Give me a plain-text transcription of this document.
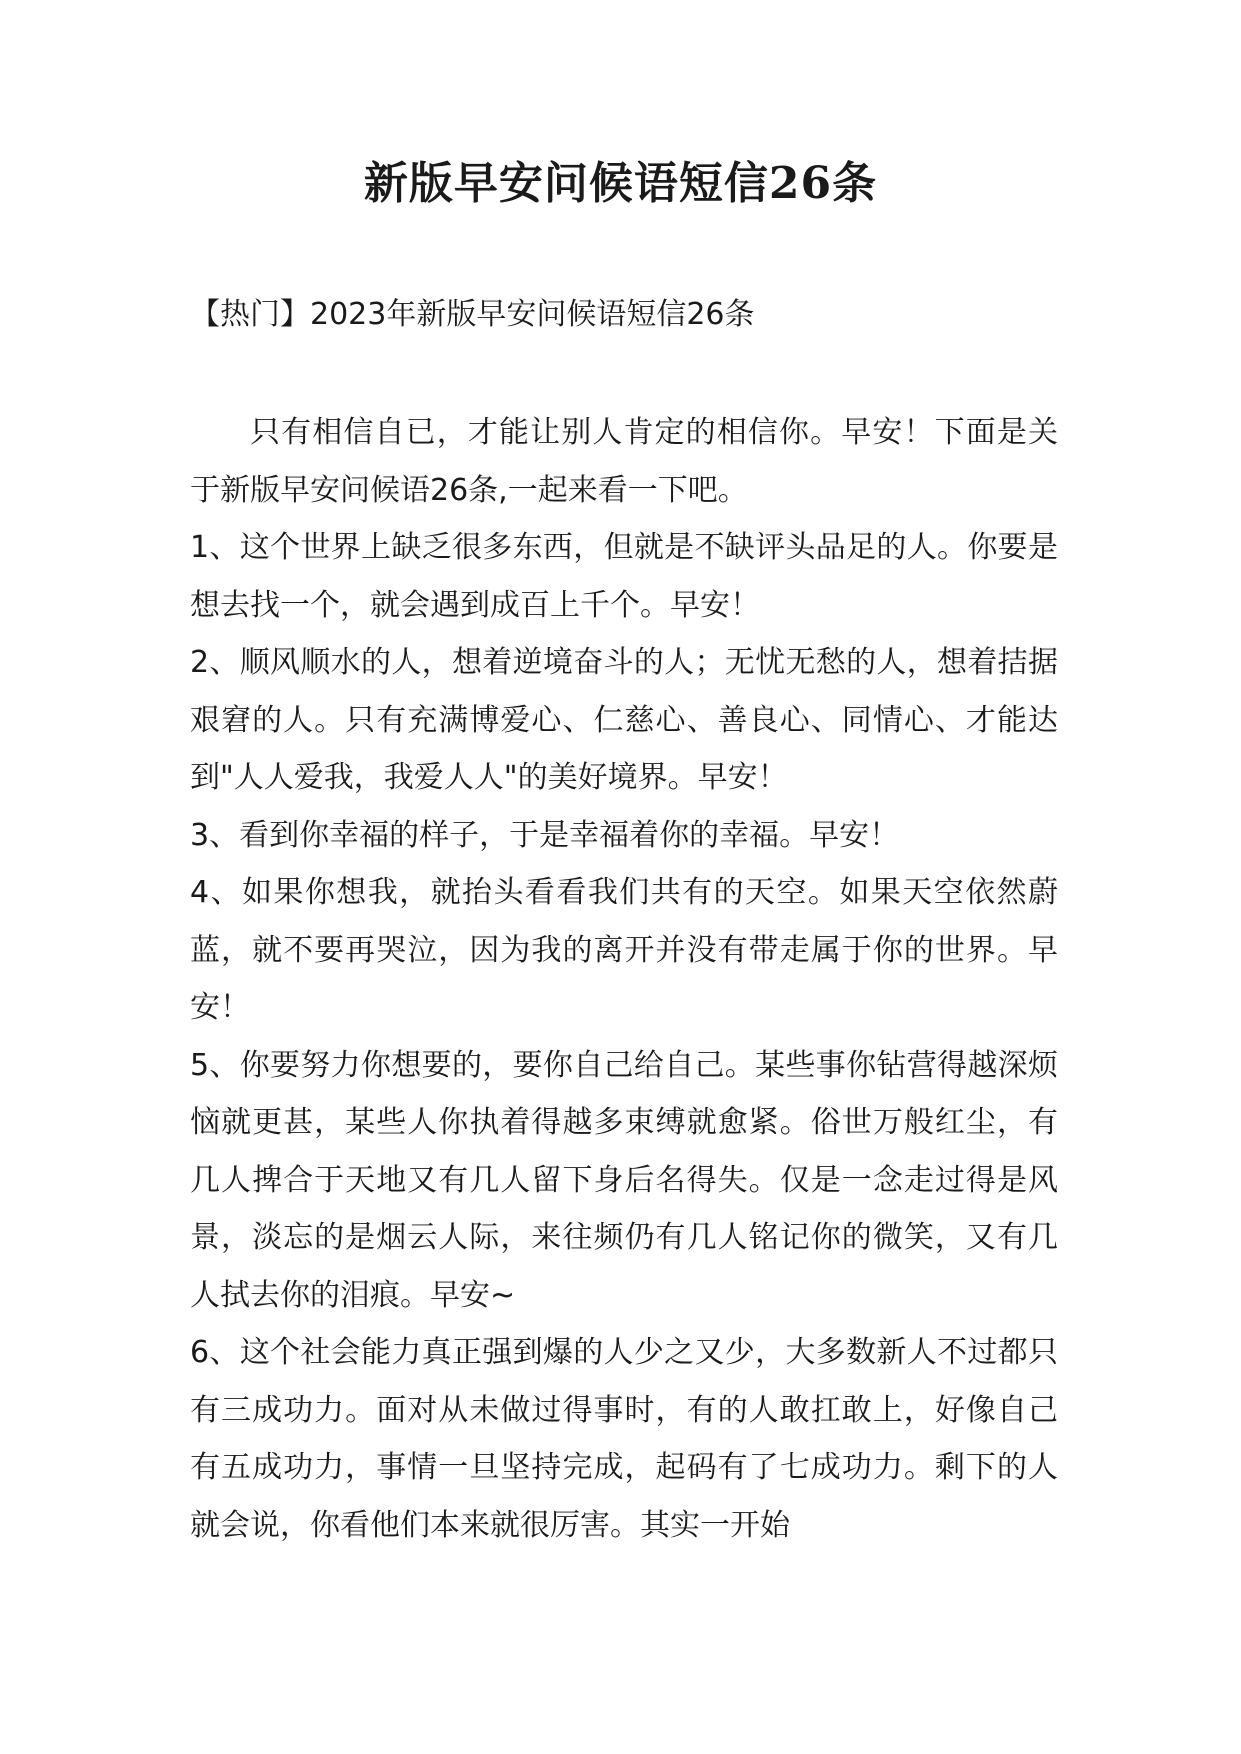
新版早安问候语短信26条

【热门】2023年新版早安问候语短信26条

只有相信自已，才能让别人肯定的相信你。早安！下面是关于新版早安问候语26条,一起来看一下吧。

1、这个世界上缺乏很多东西，但就是不缺评头品足的人。你要是想去找一个，就会遇到成百上千个。早安！

2、顺风顺水的人，想着逆境奋斗的人；无忧无愁的人，想着拮据艰窘的人。只有充满博爱心、仁慈心、善良心、同情心、才能达到"人人爱我，我爱人人"的美好境界。早安！

3、看到你幸福的样子，于是幸福着你的幸福。早安！

4、如果你想我，就抬头看看我们共有的天空。如果天空依然蔚蓝，就不要再哭泣，因为我的离开并没有带走属于你的世界。早安！

5、你要努力你想要的，要你自己给自己。某些事你钻营得越深烦恼就更甚，某些人你执着得越多束缚就愈紧。俗世万般红尘，有几人捭合于天地又有几人留下身后名得失。仅是一念走过得是风景，淡忘的是烟云人际，来往频仍有几人铭记你的微笑，又有几人拭去你的泪痕。早安~

6、这个社会能力真正强到爆的人少之又少，大多数新人不过都只有三成功力。面对从未做过得事时，有的人敢扛敢上，好像自己有五成功力，事情一旦坚持完成，起码有了七成功力。剩下的人就会说，你看他们本来就很厉害。其实一开始
